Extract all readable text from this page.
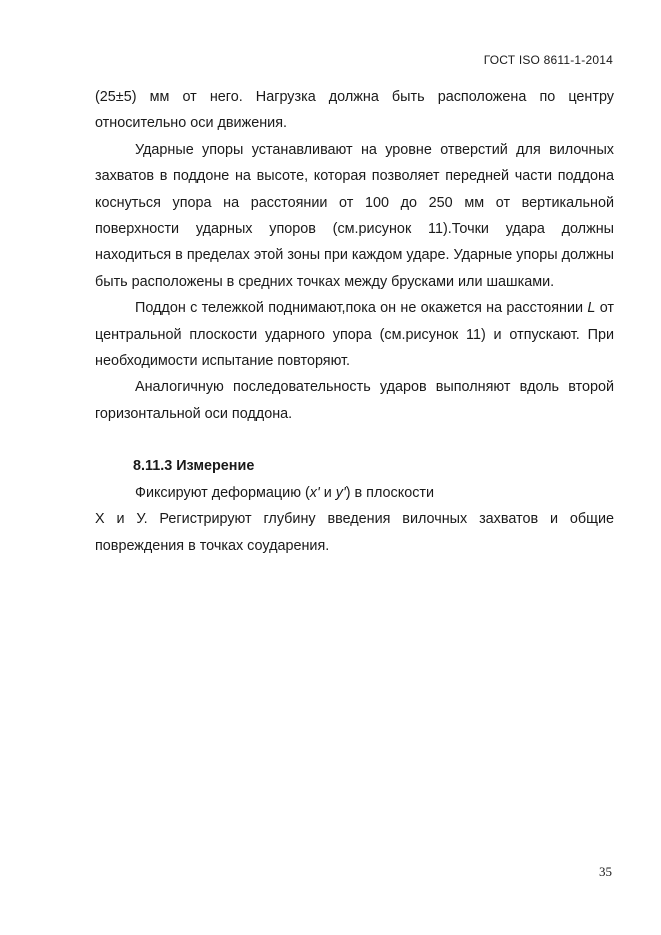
ГОСТ ISO 8611-1-2014

(25±5) мм от него. Нагрузка должна быть расположена по центру относительно оси движения.

Ударные упоры устанавливают на уровне отверстий для вилочных захватов в поддоне на высоте, которая позволяет передней части поддона коснуться упора на расстоянии от 100 до 250 мм от вертикальной поверхности ударных упоров (см.рисунок 11).Точки удара должны находиться в пределах этой зоны при каждом ударе. Ударные упоры должны быть расположены в средних точках между брусками или шашками.

Поддон с тележкой поднимают,пока он не окажется на расстоянии L от центральной плоскости ударного упора (см.рисунок 11) и отпускают. При необходимости испытание повторяют.

Аналогичную последовательность ударов выполняют вдоль второй горизонтальной оси поддона.

8.11.3 Измерение

Фиксируют деформацию (х' и у') в плоскости

Х и У. Регистрируют глубину введения вилочных захватов и общие повреждения в точках соударения.

35
